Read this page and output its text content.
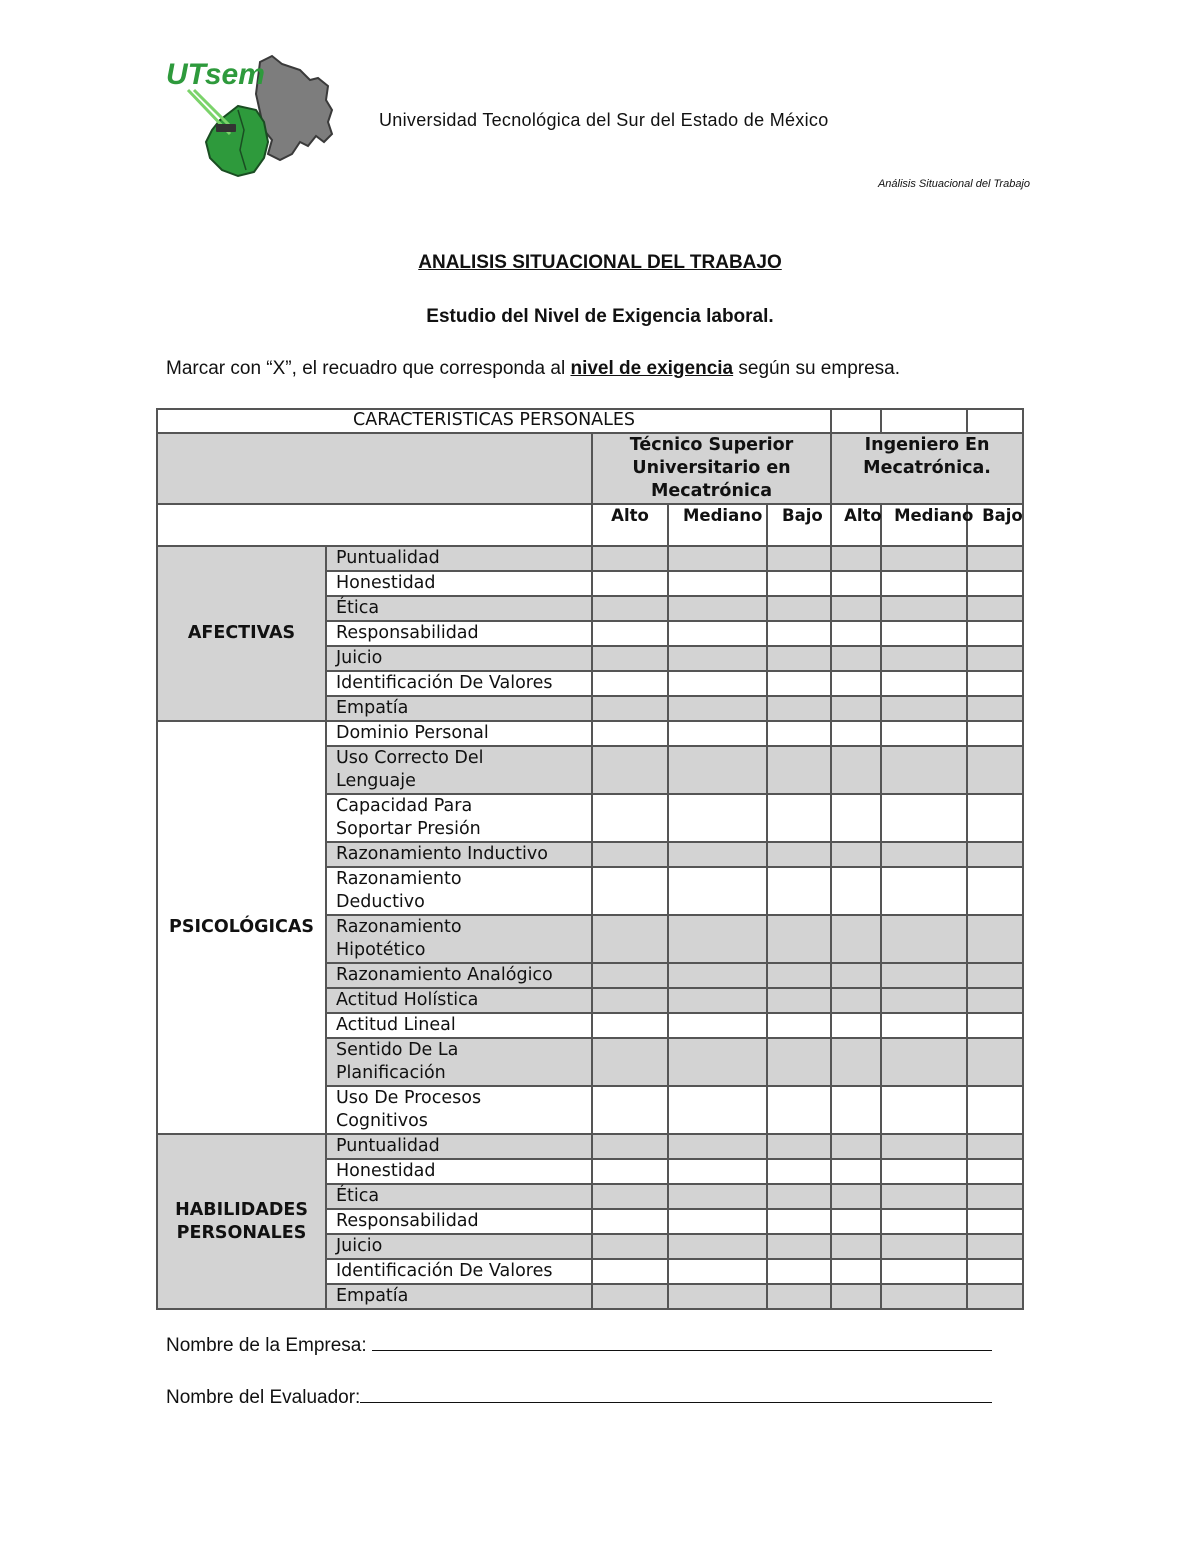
UTsem
Universidad Tecnológica del Sur del Estado de México
Análisis Situacional del Trabajo
ANALISIS SITUACIONAL DEL TRABAJO
Estudio del Nivel de Exigencia laboral.
Marcar con “X”, el recuadro que corresponda al nivel de exigencia según su empresa.
CARACTERISTICAS PERSONALES							
		Técnico Superior Universitario en Mecatrónica			Ingeniero En Mecatrónica.		
		Alto	Mediano	Bajo	Alto	Mediano	Bajo
AFECTIVAS	Puntualidad						
	Honestidad						
	Ética						
	Responsabilidad						
	Juicio						
	Identificación De Valores						
	Empatía						
PSICOLÓGICAS	Dominio Personal						
	Uso Correcto Del Lenguaje						
	Capacidad Para Soportar Presión						
	Razonamiento Inductivo						
	Razonamiento Deductivo						
	Razonamiento Hipotético						
	Razonamiento Analógico						
	Actitud Holística						
	Actitud Lineal						
	Sentido De La Planificación						
	Uso De Procesos Cognitivos						
HABILIDADES PERSONALES	Puntualidad						
	Honestidad						
	Ética						
	Responsabilidad						
	Juicio						
	Identificación De Valores						
	Empatía						
Nombre de la Empresa:
Nombre del Evaluador:
